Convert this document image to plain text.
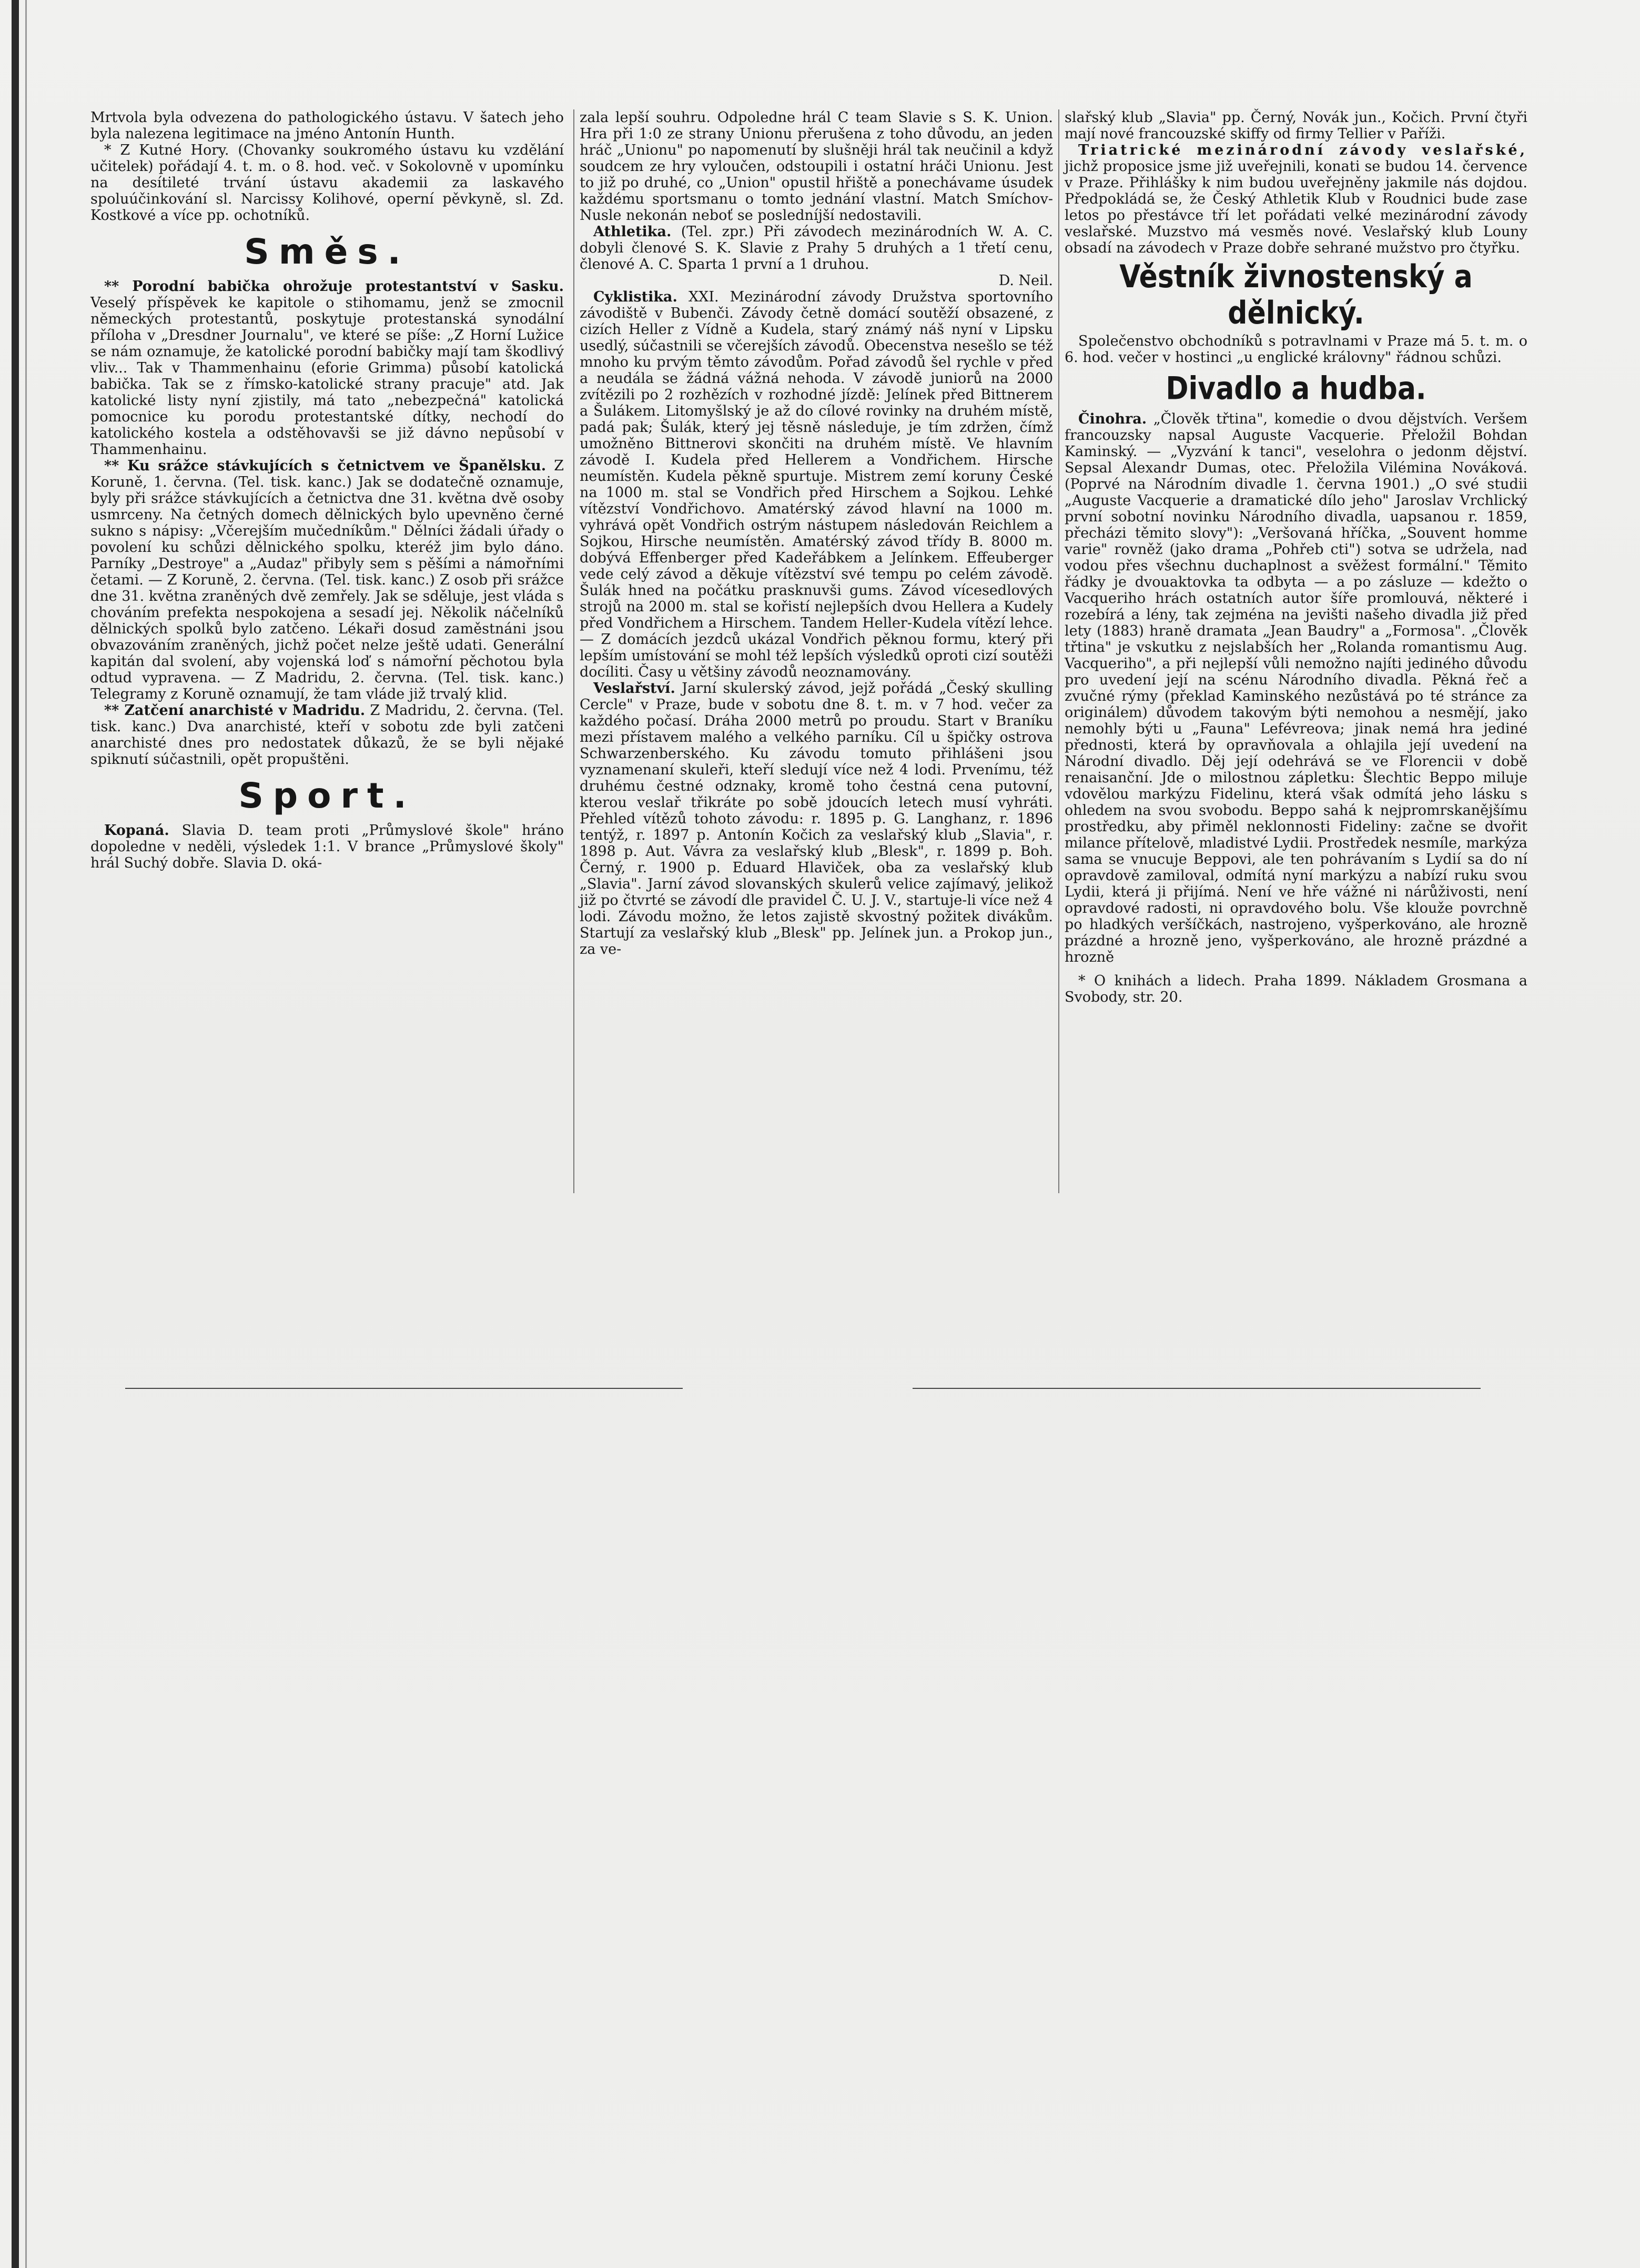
Mrtvola byla odvezena do pathologického ústavu. V šatech jeho byla nalezena legitimace na jméno Antonín Hunth.

* Z Kutné Hory. (Chovanky soukromého ústavu ku vzdělání učitelek) pořádají 4. t. m. o 8. hod. več. v Sokolovně v upomínku na desítileté trvání ústavu akademii za laskavého spoluúčinkování sl. Narcissy Kolihové, operní pěvkyně, sl. Zd. Kostkové a více pp. ochotníků.

Směs.

** Porodní babička ohrožuje protestantství v Sasku. Veselý příspěvek ke kapitole o stihomamu, jenž se zmocnil německých protestantů, poskytuje protestanská synodální příloha v „Dresdner Journalu", ve které se píše: „Z Horní Lužice se nám oznamuje, že katolické porodní babičky mají tam škodlivý vliv... Tak v Thammenhainu (eforie Grimma) působí katolická babička. Tak se z římsko-katolické strany pracuje" atd. Jak katolické listy nyní zjistily, má tato „nebezpečná" katolická pomocnice ku porodu protestantské dítky, nechodí do katolického kostela a odstěhovavši se již dávno nepůsobí v Thammenhainu.

** Ku srážce stávkujících s četnictvem ve Španělsku. Z Koruně, 1. června. (Tel. tisk. kanc.) Jak se dodatečně oznamuje, byly při srážce stávkujících a četnictva dne 31. května dvě osoby usmrceny. Na četných domech dělnických bylo upevněno černé sukno s nápisy: „Včerejším mučedníkům." Dělníci žádali úřady o povolení ku schůzi dělnického spolku, kteréž jim bylo dáno. Parníky „Destroye" a „Audaz" přibyly sem s pěšími a námořními četami. — Z Koruně, 2. června. (Tel. tisk. kanc.) Z osob při srážce dne 31. května zraněných dvě zemřely. Jak se sděluje, jest vláda s chováním prefekta nespokojena a sesadí jej. Několik náčelníků dělnických spolků bylo zatčeno. Lékaři dosud zaměstnáni jsou obvazováním zraněných, jichž počet nelze ještě udati. Generální kapitán dal svolení, aby vojenská loď s námořní pěchotou byla odtud vypravena. — Z Madridu, 2. června. (Tel. tisk. kanc.) Telegramy z Koruně oznamují, že tam vláde již trvalý klid.

** Zatčení anarchisté v Madridu. Z Madridu, 2. června. (Tel. tisk. kanc.) Dva anarchisté, kteří v sobotu zde byli zatčeni anarchisté dnes pro nedostatek důkazů, že se byli nějaké spiknutí súčastnili, opět propuštěni.

Sport.

Kopaná. Slavia D. team proti „Průmyslové škole" hráno dopoledne v neděli, výsledek 1:1. V brance „Průmyslové školy" hrál Suchý dobře. Slavia D. oká-

zala lepší souhru. Odpoledne hrál C team Slavie s S. K. Union. Hra při 1:0 ze strany Unionu přerušena z toho důvodu, an jeden hráč „Unionu" po napomenutí by slušněji hrál tak neučinil a když soudcem ze hry vyloučen, odstoupili i ostatní hráči Unionu. Jest to již po druhé, co „Union" opustil hřiště a ponechávame úsudek každému sportsmanu o tomto jednání vlastní. Match Smíchov-Nusle nekonán neboť se posledníjší nedostavili.

Athletika. (Tel. zpr.) Při závodech mezinárodních W. A. C. dobyli členové S. K. Slavie z Prahy 5 druhých a 1 třetí cenu, členové A. C. Sparta 1 první a 1 druhou.

D. Neil.

Cyklistika. XXI. Mezinárodní závody Družstva sportovního závodiště v Bubenči. Závody četně domácí soutěží obsazené, z cizích Heller z Vídně a Kudela, starý známý náš nyní v Lipsku usedlý, súčastnili se včerejších závodů. Obecenstva nesešlo se též mnoho ku prvým těmto závodům. Pořad závodů šel rychle v před a neudála se žádná vážná nehoda. V závodě juniorů na 2000 zvítězili po 2 rozhězích v rozhodné jízdě: Jelínek před Bittnerem a Šulákem. Litomyšlský je až do cílové rovinky na druhém místě, padá pak; Šulák, který jej těsně následuje, je tím zdržen, čímž umožněno Bittnerovi skončiti na druhém místě. Ve hlavním závodě I. Kudela před Hellerem a Vondřichem. Hirsche neumístěn. Kudela pěkně spurtuje. Mistrem zemí koruny České na 1000 m. stal se Vondřich před Hirschem a Sojkou. Lehké vítězství Vondřichovo. Amatérský závod hlavní na 1000 m. vyhrává opět Vondřich ostrým nástupem následován Reichlem a Sojkou, Hirsche neumístěn. Amatérský závod třídy B. 8000 m. dobývá Effenberger před Kadeřábkem a Jelínkem. Effeuberger vede celý závod a děkuje vítězství své tempu po celém závodě. Šulák hned na počátku prasknuvši gums. Závod vícesedlových strojů na 2000 m. stal se kořistí nejlepších dvou Hellera a Kudely před Vondřichem a Hirschem. Tandem Heller-Kudela vítězí lehce. — Z domácích jezdců ukázal Vondřich pěknou formu, který při lepším umístování se mohl též lepších výsledků oproti cizí soutěži docíliti. Časy u většiny závodů neoznamovány.

Veslařství. Jarní skulerský závod, jejž pořádá „Český skulling Cercle" v Praze, bude v sobotu dne 8. t. m. v 7 hod. večer za každého počasí. Dráha 2000 metrů po proudu. Start v Braníku mezi přístavem malého a velkého parníku. Cíl u špičky ostrova Schwarzenberského. Ku závodu tomuto přihlášeni jsou vyznamenaní skuleři, kteří sledují více než 4 lodi. Prvenímu, též druhému čestné odznaky, kromě toho čestná cena putovní, kterou veslař třikráte po sobě jdoucích letech musí vyhráti. Přehled vítězů tohoto závodu: r. 1895 p. G. Langhanz, r. 1896 tentýž, r. 1897 p. Antonín Kočich za veslařský klub „Slavia", r. 1898 p. Aut. Vávra za veslařský klub „Blesk", r. 1899 p. Boh. Černý, r. 1900 p. Eduard Hlaviček, oba za veslařský klub „Slavia". Jarní závod slovanských skulerů velice zajímavý, jelikož již po čtvrté se závodí dle pravidel Č. U. J. V., startuje-li více než 4 lodi. Závodu možno, že letos zajistě skvostný požitek divákům. Startují za veslařský klub „Blesk" pp. Jelínek jun. a Prokop jun., za ve-

slařský klub „Slavia" pp. Černý, Novák jun., Kočich. První čtyři mají nové francouzské skiffy od firmy Tellier v Paříži.

Triatrické mezinárodní závody veslařské, jichž proposice jsme již uveřejnili, konati se budou 14. července v Praze. Přihlášky k nim budou uveřejněny jakmile nás dojdou. Předpokládá se, že Český Athletik Klub v Roudnici bude zase letos po přestávce tří let pořádati velké mezinárodní závody veslařské. Muzstvo má vesměs nové. Veslařský klub Louny obsadí na závodech v Praze dobře sehrané mužstvo pro čtyřku.

Věstník živnostenský a dělnický.

Společenstvo obchodníků s potravlnami v Praze má 5. t. m. o 6. hod. večer v hostinci „u englické královny" řádnou schůzi.

Divadlo a hudba.

Činohra. „Člověk třtina", komedie o dvou dějstvích. Veršem francouzsky napsal Auguste Vacquerie. Přeložil Bohdan Kaminský. — „Vyzvání k tanci", veselohra o jedonm dějství. Sepsal Alexandr Dumas, otec. Přeložila Vilémina Nováková. (Poprvé na Národním divadle 1. června 1901.) „O své studii „Auguste Vacquerie a dramatické dílo jeho" Jaroslav Vrchlický první sobotní novinku Národního divadla, uapsanou r. 1859, přecházi těmito slovy"): „Veršovaná hříčka, „Souvent homme varie" rovněž (jako drama „Pohřeb cti") sotva se udržela, nad vodou přes všechnu duchaplnost a svěžest formální." Těmito řádky je dvouaktovka ta odbyta — a po zásluze — kdežto o Vacqueriho hrách ostatních autor šíře promlouvá, některé i rozebírá a lény, tak zejména na jevišti našeho divadla již před lety (1883) hraně dramata „Jean Baudry" a „Formosa". „Člověk třtina" je vskutku z nejslabších her „Rolanda romantismu Aug. Vacqueriho", a při nejlepší vůli nemožno najíti jediného důvodu pro uvedení její na scénu Národního divadla. Pěkná řeč a zvučné rýmy (překlad Kaminského nezůstává po té stránce za originálem) důvodem takovým býti nemohou a nesmějí, jako nemohly býti u „Fauna" Lefévreova; jinak nemá hra jediné přednosti, která by opravňovala a ohlajila její uvedení na Národní divadlo. Děj její odehrává se ve Florencii v době renaisanční. Jde o milostnou zápletku: Šlechtic Beppo miluje vdovělou markýzu Fidelinu, která však odmítá jeho lásku s ohledem na svou svobodu. Beppo sahá k nejpromrskanějšímu prostředku, aby přiměl neklonnosti Fideliny: začne se dvořit milance přítelově, mladistvé Lydii. Prostředek nesmíle, markýza sama se vnucuje Beppovi, ale ten pohrávaním s Lydií sa do ní opravdově zamiloval, odmítá nyní markýzu a nabízí ruku svou Lydii, která ji přijímá. Není ve hře vážné ni nárůživosti, není opravdové radosti, ni opravdového bolu. Vše klouže povrchně po hladkých veršíčkách, nastrojeno, vyšperkováno, ale hrozně prázdné a hrozně jeno, vyšperkováno, ale hrozně prázdné a hrozně

* O knihách a lidech. Praha 1899. Nákladem Grosmana a Svobody, str. 20.
